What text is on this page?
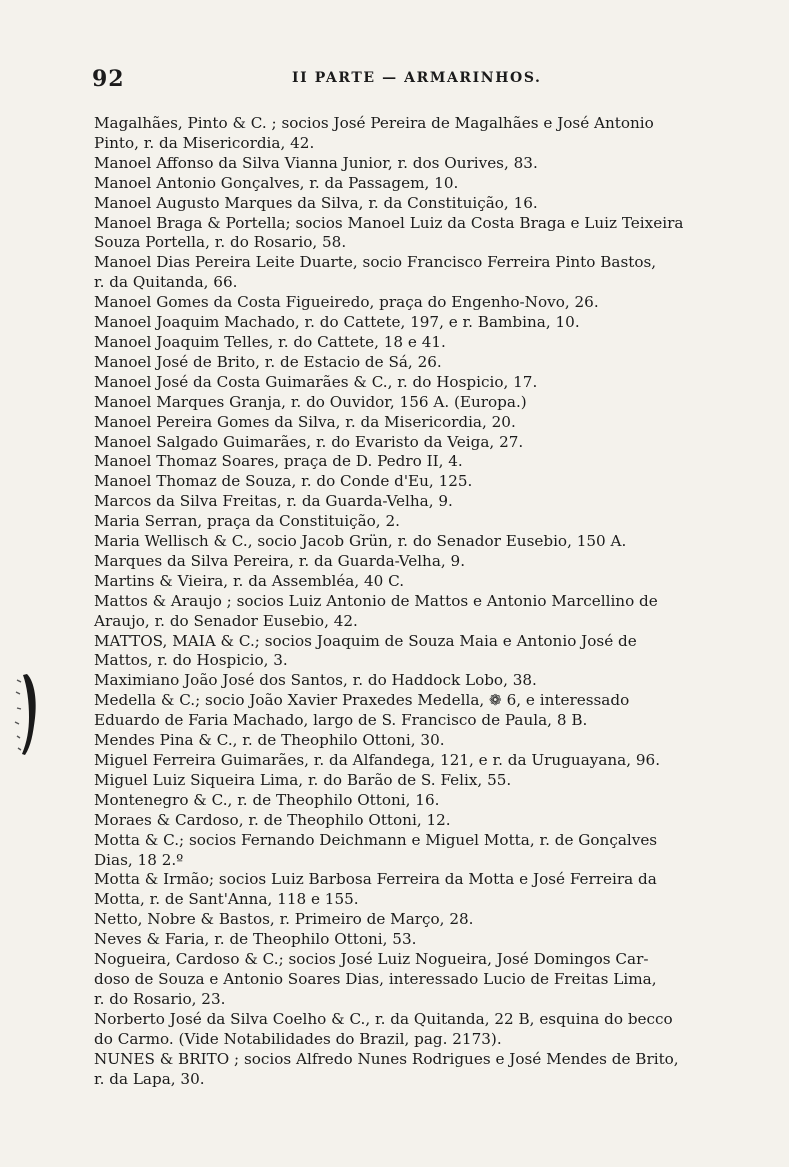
92	II PARTE — ARMARINHOS.

Magalhães, Pinto & C. ; socios José Pereira de Magalhães e José Antonio
Pinto, r. da Misericordia, 42.

Manoel Affonso da Silva Vianna Junior, r. dos Ourives, 83.

Manoel Antonio Gonçalves, r. da Passagem, 10.

Manoel Augusto Marques da Silva, r. da Constituição, 16.

Manoel Braga & Portella; socios Manoel Luiz da Costa Braga e Luiz Teixeira
Souza Portella, r. do Rosario, 58.

Manoel Dias Pereira Leite Duarte, socio Francisco Ferreira Pinto Bastos,
r. da Quitanda, 66.

Manoel Gomes da Costa Figueiredo, praça do Engenho-Novo, 26.

Manoel Joaquim Machado, r. do Cattete, 197, e r. Bambina, 10.

Manoel Joaquim Telles, r. do Cattete, 18 e 41.

Manoel José de Brito, r. de Estacio de Sá, 26.

Manoel José da Costa Guimarães & C., r. do Hospicio, 17.

Manoel Marques Granja, r. do Ouvidor, 156 A. (Europa.)

Manoel Pereira Gomes da Silva, r. da Misericordia, 20.

Manoel Salgado Guimarães, r. do Evaristo da Veiga, 27.

Manoel Thomaz Soares, praça de D. Pedro II, 4.

Manoel Thomaz de Souza, r. do Conde d'Eu, 125.

Marcos da Silva Freitas, r. da Guarda-Velha, 9.

Maria Serran, praça da Constituição, 2.

Maria Wellisch & C., socio Jacob Grün, r. do Senador Eusebio, 150 A.

Marques da Silva Pereira, r. da Guarda-Velha, 9.

Martins & Vieira, r. da Assembléa, 40 C.

Mattos & Araujo ; socios Luiz Antonio de Mattos e Antonio Marcellino de
Araujo, r. do Senador Eusebio, 42.

MATTOS, MAIA & C.; socios Joaquim de Souza Maia e Antonio José de
Mattos, r. do Hospicio, 3.

Maximiano João José dos Santos, r. do Haddock Lobo, 38.

Medella & C.; socio João Xavier Praxedes Medella, ❁ 6, e interessado
Eduardo de Faria Machado, largo de S. Francisco de Paula, 8 B.

Mendes Pina & C., r. de Theophilo Ottoni, 30.

Miguel Ferreira Guimarães, r. da Alfandega, 121, e r. da Uruguayana, 96.

Miguel Luiz Siqueira Lima, r. do Barão de S. Felix, 55.

Montenegro & C., r. de Theophilo Ottoni, 16.

Moraes & Cardoso, r. de Theophilo Ottoni, 12.

Motta & C.; socios Fernando Deichmann e Miguel Motta, r. de Gonçalves
Dias, 18 2.º

Motta & Irmão; socios Luiz Barbosa Ferreira da Motta e José Ferreira da
Motta, r. de Sant'Anna, 118 e 155.

Netto, Nobre & Bastos, r. Primeiro de Março, 28.

Neves & Faria, r. de Theophilo Ottoni, 53.

Nogueira, Cardoso & C.; socios José Luiz Nogueira, José Domingos Car-
doso de Souza e Antonio Soares Dias, interessado Lucio de Freitas Lima,
r. do Rosario, 23.

Norberto José da Silva Coelho & C., r. da Quitanda, 22 B, esquina do becco
do Carmo. (Vide Notabilidades do Brazil, pag. 2173).

NUNES & BRITO ; socios Alfredo Nunes Rodrigues e José Mendes de Brito,
r. da Lapa, 30.
